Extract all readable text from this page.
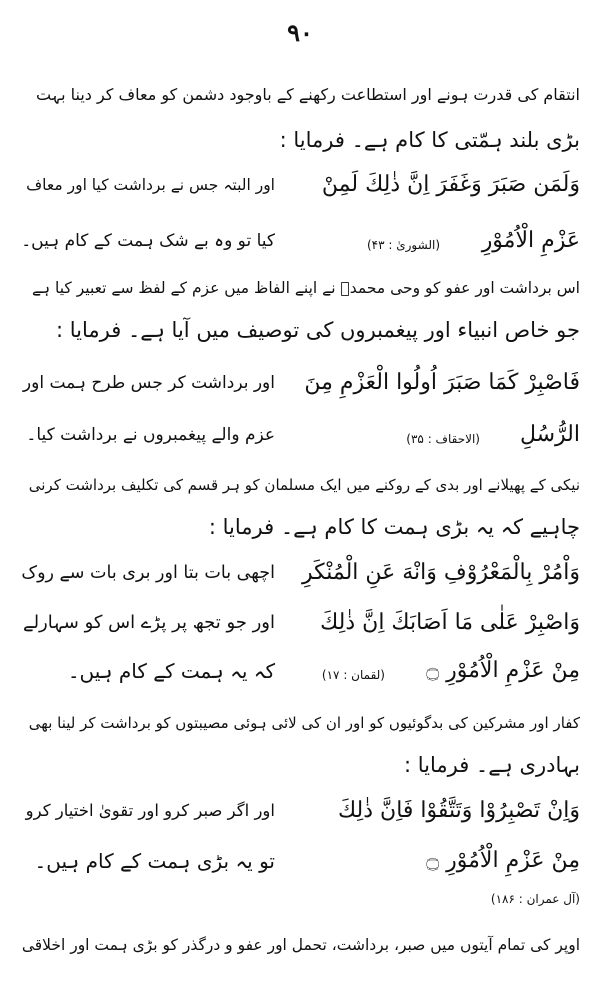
۹۰
انتقام کی قدرت ہونے اور استطاعت رکھنے کے باوجود دشمن کو معاف کر دینا بہت
بڑی بلند ہمّتی کا کام ہے۔ فرمایا :
وَلَمَن صَبَرَ وَغَفَرَ اِنَّ ذٰلِكَ لَمِنْ
اور البتہ جس نے برداشت کیا اور معاف
عَزْمِ الْاُمُوْرِ
(الشوریٰ : ۴۳)
کیا تو وہ بے شک ہمت کے کام ہیں۔
اس برداشت اور عفو کو وحی محمدؐ نے اپنے الفاظ میں عزم کے لفظ سے تعبیر کیا ہے
جو خاص انبیاء اور پیغمبروں کی توصیف میں آیا ہے۔ فرمایا :
فَاصْبِرْ كَمَا صَبَرَ اُولُوا الْعَزْمِ مِنَ
اور برداشت کر جس طرح ہمت اور
الرُّسُلِ
(الاحقاف : ۳۵)
عزم والے پیغمبروں نے برداشت کیا۔
نیکی کے پھیلانے اور بدی کے روکنے میں ایک مسلمان کو ہر قسم کی تکلیف برداشت کرنی
چاہیے کہ یہ بڑی ہمت کا کام ہے۔ فرمایا :
وَاْمُرْ بِالْمَعْرُوْفِ وَانْهَ عَنِ الْمُنْكَرِ
اچھی بات بتا اور بری بات سے روک
وَاصْبِرْ عَلٰى مَا اَصَابَكَ اِنَّ ذٰلِكَ
اور جو تجھ پر پڑے اس کو سہارلے
مِنْ عَزْمِ الْاُمُوْرِ ۝
(لقمان : ۱۷)
کہ یہ ہمت کے کام ہیں۔
کفار اور مشرکین کی بدگوئیوں کو اور ان کی لائی ہوئی مصیبتوں کو برداشت کر لینا بھی
بہادری ہے۔ فرمایا :
وَاِنْ تَصْبِرُوْا وَتَتَّقُوْا فَاِنَّ ذٰلِكَ
اور اگر صبر کرو اور تقویٰ اختیار کرو
مِنْ عَزْمِ الْاُمُوْرِ ۝
تو یہ بڑی ہمت کے کام ہیں۔
(آل عمران : ۱۸۶)
اوپر کی تمام آیتوں میں صبر، برداشت، تحمل اور عفو و درگذر کو بڑی ہمت اور اخلاقی
